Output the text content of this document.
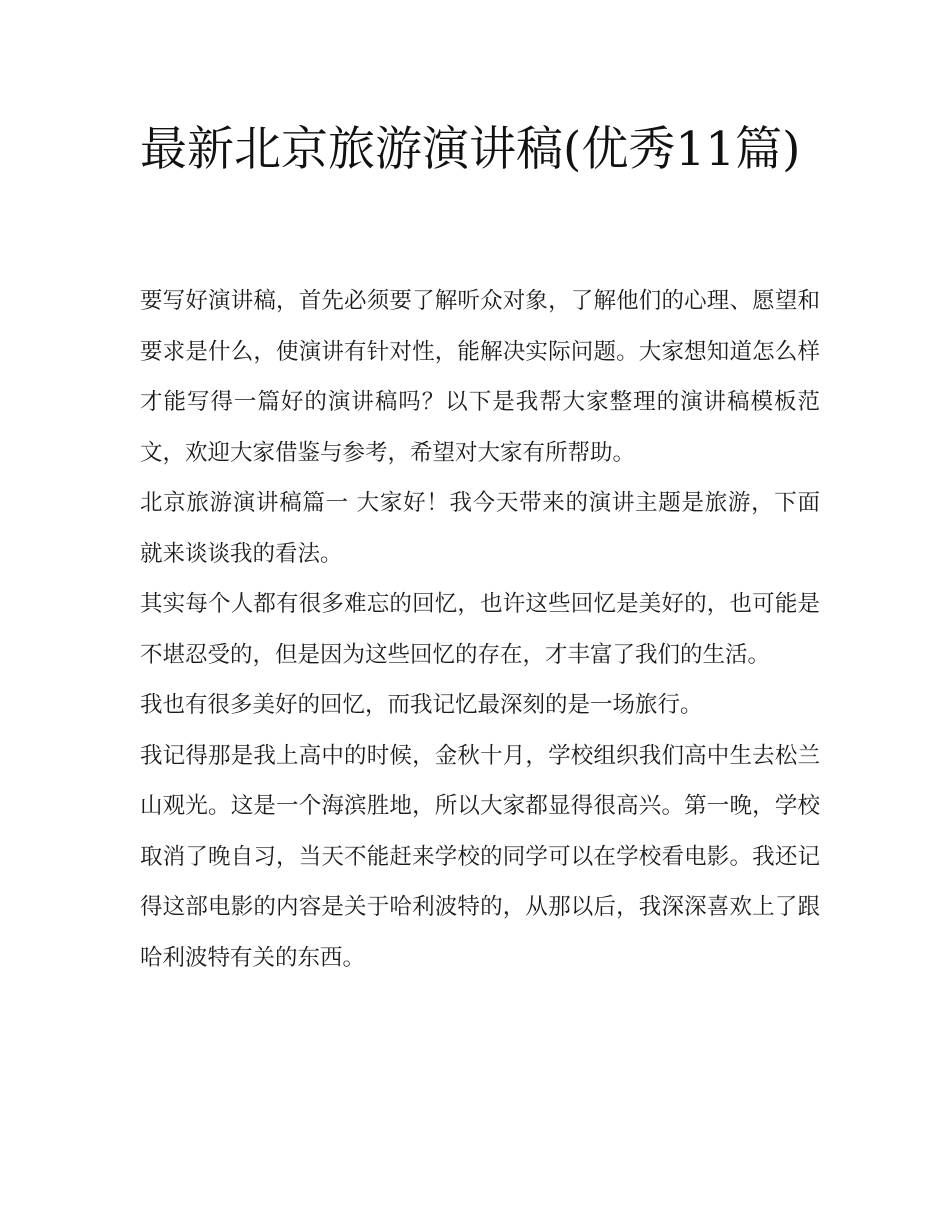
最新北京旅游演讲稿(优秀11篇)

要写好演讲稿，首先必须要了解听众对象，了解他们的心理、愿望和要求是什么，使演讲有针对性，能解决实际问题。大家想知道怎么样才能写得一篇好的演讲稿吗？以下是我帮大家整理的演讲稿模板范文，欢迎大家借鉴与参考，希望对大家有所帮助。

北京旅游演讲稿篇一 大家好！我今天带来的演讲主题是旅游，下面就来谈谈我的看法。

其实每个人都有很多难忘的回忆，也许这些回忆是美好的，也可能是不堪忍受的，但是因为这些回忆的存在，才丰富了我们的生活。

我也有很多美好的回忆，而我记忆最深刻的是一场旅行。

我记得那是我上高中的时候，金秋十月，学校组织我们高中生去松兰山观光。这是一个海滨胜地，所以大家都显得很高兴。第一晚，学校取消了晚自习，当天不能赶来学校的同学可以在学校看电影。我还记得这部电影的内容是关于哈利波特的，从那以后，我深深喜欢上了跟哈利波特有关的东西。
